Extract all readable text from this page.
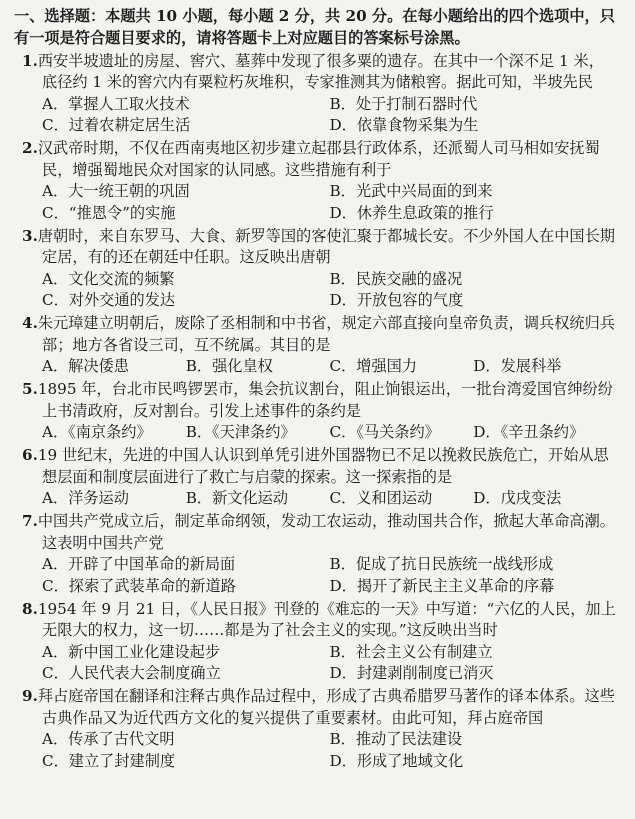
一、选择题：本题共 10 小题，每小题 2 分，共 20 分。在每小题给出的四个选项中，只
有一项是符合题目要求的，请将答题卡上对应题目的答案标号涂黑。
1.西安半坡遗址的房屋、窖穴、墓葬中发现了很多粟的遗存。在其中一个深不足 1 米，底径约 1 米的窖穴内有粟粒朽灰堆积，专家推测其为储粮窖。据此可知，半坡先民
A．掌握人工取火技术	B．处于打制石器时代
C．过着农耕定居生活	D．依靠食物采集为生
2.汉武帝时期，不仅在西南夷地区初步建立起郡县行政体系，还派蜀人司马相如安抚蜀民，增强蜀地民众对国家的认同感。这些措施有利于
A．大一统王朝的巩固	B．光武中兴局面的到来
C．“推恩令”的实施	D．休养生息政策的推行
3.唐朝时，来自东罗马、大食、新罗等国的客使汇聚于都城长安。不少外国人在中国长期定居，有的还在朝廷中任职。这反映出唐朝
A．文化交流的频繁	B．民族交融的盛况
C．对外交通的发达	D．开放包容的气度
4.朱元璋建立明朝后，废除了丞相制和中书省，规定六部直接向皇帝负责，调兵权统归兵部；地方各省设三司，互不统属。其目的是
A．解决倭患	B．强化皇权	C．增强国力	D．发展科举
5.1895 年，台北市民鸣锣罢市，集会抗议割台，阻止饷银运出，一批台湾爱国官绅纷纷上书清政府，反对割台。引发上述事件的条约是
A．《南京条约》	B．《天津条约》	C．《马关条约》	D．《辛丑条约》
6.19 世纪末，先进的中国人认识到单凭引进外国器物已不足以挽救民族危亡，开始从思想层面和制度层面进行了救亡与启蒙的探索。这一探索指的是
A．洋务运动	B．新文化运动	C．义和团运动	D．戊戌变法
7.中国共产党成立后，制定革命纲领，发动工农运动，推动国共合作，掀起大革命高潮。这表明中国共产党
A．开辟了中国革命的新局面	B．促成了抗日民族统一战线形成
C．探索了武装革命的新道路	D．揭开了新民主主义革命的序幕
8.1954 年 9 月 21 日，《人民日报》刊登的《难忘的一天》中写道：“六亿的人民，加上无限大的权力，这一切……都是为了社会主义的实现。”这反映出当时
A．新中国工业化建设起步	B．社会主义公有制建立
C．人民代表大会制度确立	D．封建剥削制度已消灭
9.拜占庭帝国在翻译和注释古典作品过程中，形成了古典希腊罗马著作的译本体系。这些古典作品又为近代西方文化的复兴提供了重要素材。由此可知，拜占庭帝国
A．传承了古代文明	B．推动了民法建设
C．建立了封建制度	D．形成了地域文化
